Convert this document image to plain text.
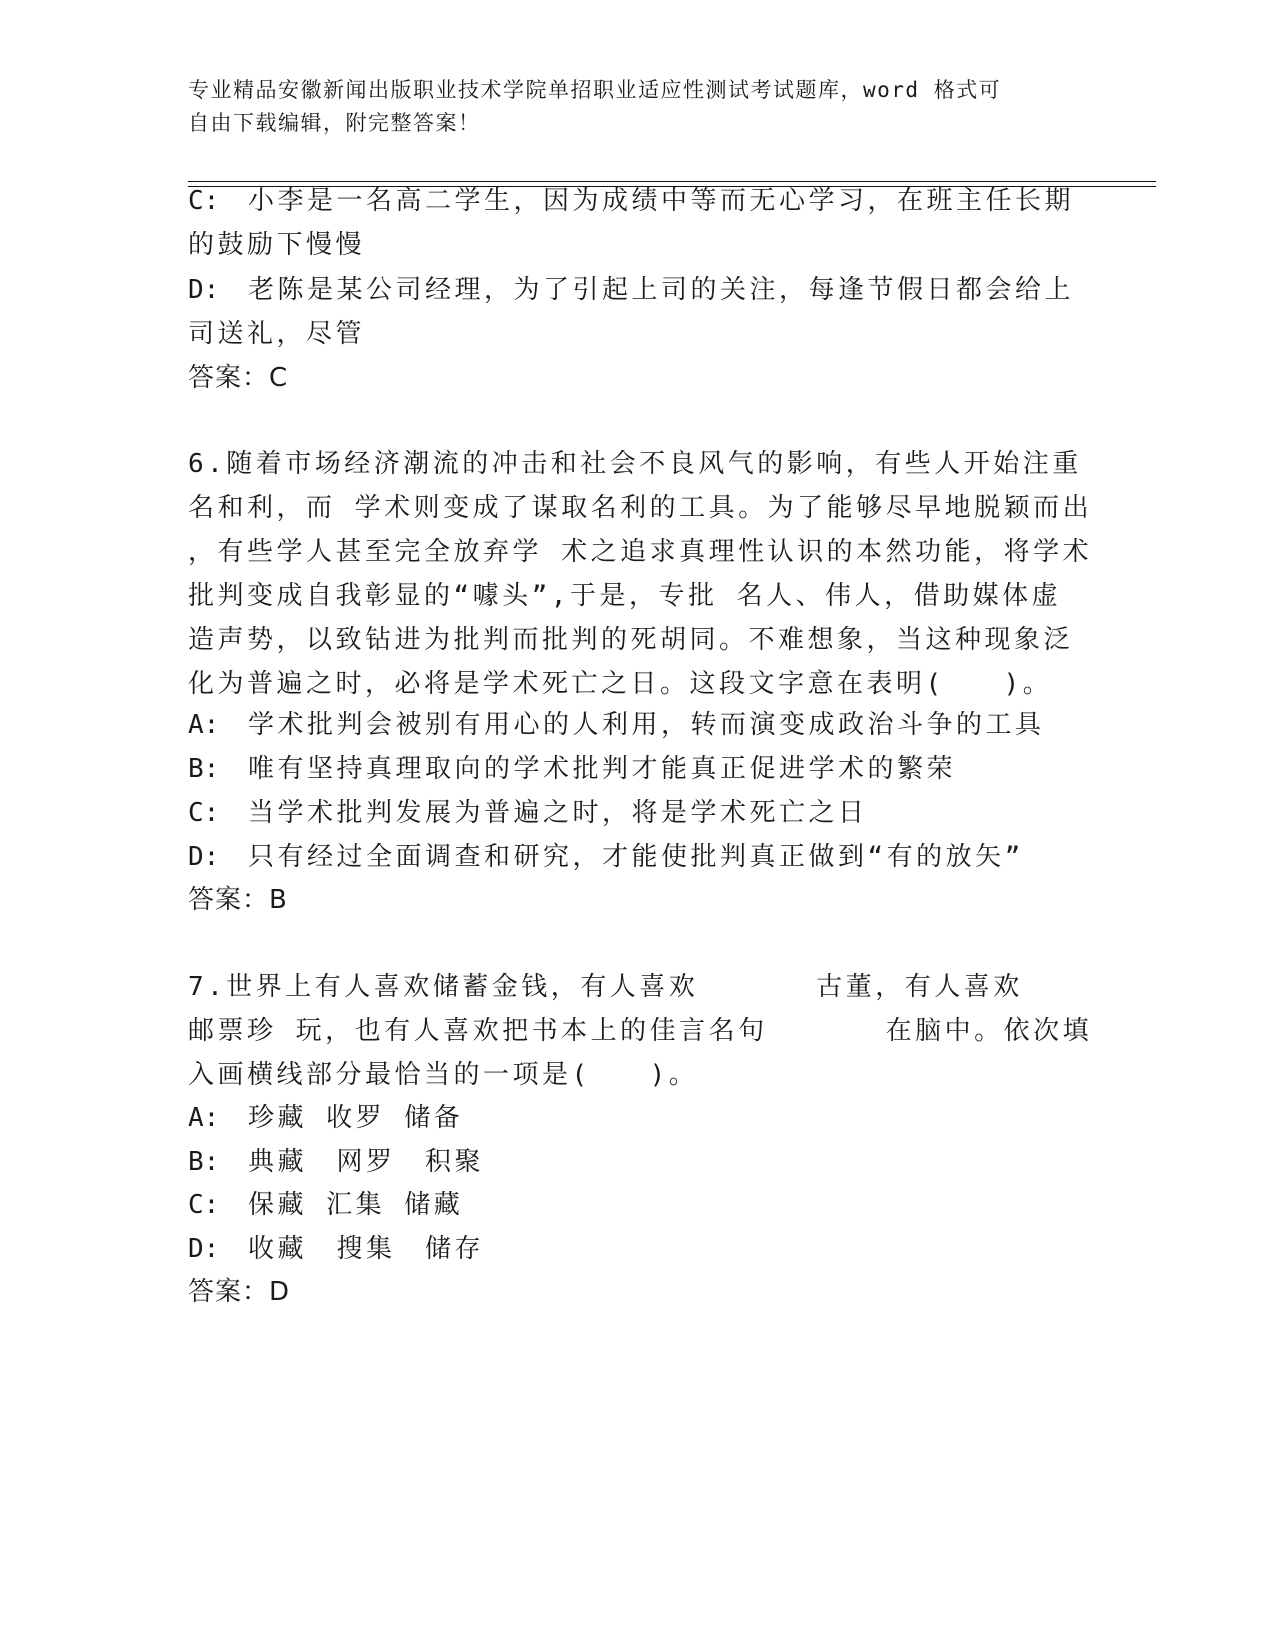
专业精品安徽新闻出版职业技术学院单招职业适应性测试考试题库，word 格式可
自由下载编辑，附完整答案！
C: 小李是一名高二学生，因为成绩中等而无心学习，在班主任长期
的鼓励下慢慢
D: 老陈是某公司经理，为了引起上司的关注，每逢节假日都会给上
司送礼，尽管
答案：C
6.随着市场经济潮流的冲击和社会不良风气的影响，有些人开始注重
名和利，而 学术则变成了谋取名利的工具。为了能够尽早地脱颖而出
，有些学人甚至完全放弃学 术之追求真理性认识的本然功能，将学术
批判变成自我彰显的“噱头”,于是，专批 名人、伟人，借助媒体虚
造声势，以致钻进为批判而批判的死胡同。不难想象，当这种现象泛
化为普遍之时，必将是学术死亡之日。这段文字意在表明(　　)。
A: 学术批判会被别有用心的人利用，转而演变成政治斗争的工具
B: 唯有坚持真理取向的学术批判才能真正促进学术的繁荣
C: 当学术批判发展为普遍之时，将是学术死亡之日
D: 只有经过全面调查和研究，才能使批判真正做到“有的放矢”
答案：B
7.世界上有人喜欢储蓄金钱，有人喜欢　　　　古董，有人喜欢
邮票珍 玩，也有人喜欢把书本上的佳言名句　　　　在脑中。依次填
入画横线部分最恰当的一项是(　　)。
A: 珍藏 收罗 储备
B: 典藏　网罗　积聚
C: 保藏 汇集 储藏
D: 收藏　搜集　储存
答案：D
